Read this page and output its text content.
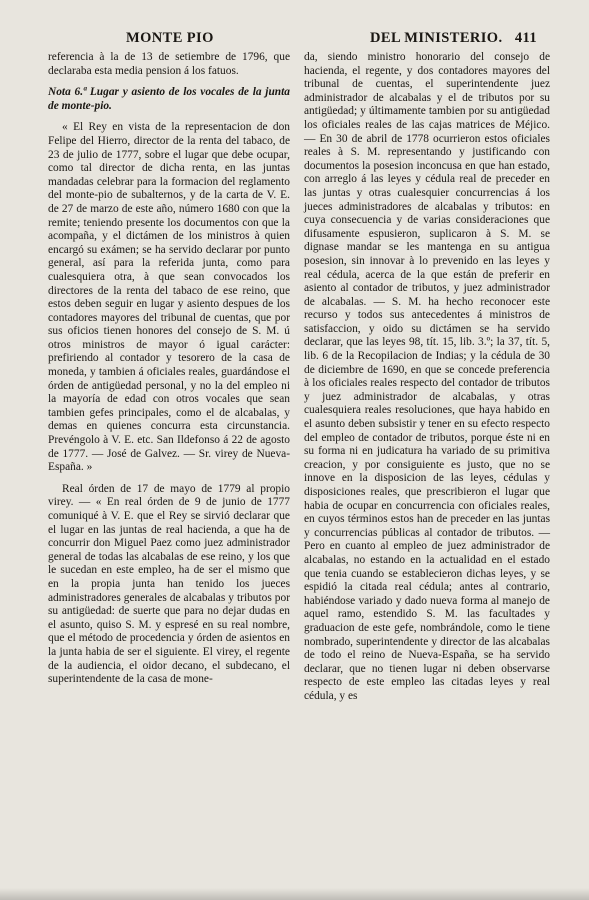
MONTE PIO	DEL MINISTERIO. 411

referencia à la de 13 de setiembre de 1796, que declaraba esta media pension á los fatuos.

Nota 6.ª Lugar y asiento de los vocales de la junta de monte-pio.

« El Rey en vista de la representacion de don Felipe del Hierro, director de la renta del tabaco, de 23 de julio de 1777, sobre el lugar que debe ocupar, como tal director de dicha renta, en las juntas mandadas celebrar para la formacion del reglamento del monte-pio de subalternos, y de la carta de V. E. de 27 de marzo de este año, número 1680 con que la remite; teniendo presente los documentos con que la acompaña, y el dictámen de los ministros à quien encargó su exámen; se ha servido declarar por punto general, así para la referida junta, como para cualesquiera otra, à que sean convocados los directores de la renta del tabaco de ese reino, que estos deben seguir en lugar y asiento despues de los contadores mayores del tribunal de cuentas, que por sus oficios tienen honores del consejo de S. M. ú otros ministros de mayor ó igual carácter: prefiriendo al contador y tesorero de la casa de moneda, y tambien á oficiales reales, guardándose el órden de antigüedad personal, y no la del empleo ni la mayoría de edad con otros vocales que sean tambien gefes principales, como el de alcabalas, y demas en quienes concurra esta circunstancia. Prevéngolo à V. E. etc. San Ildefonso á 22 de agosto de 1777. — José de Galvez. — Sr. virey de Nueva-España. »

Real órden de 17 de mayo de 1779 al propio virey. — « En real órden de 9 de junio de 1777 comuniqué à V. E. que el Rey se sirvió declarar que el lugar en las juntas de real hacienda, a que ha de concurrir don Miguel Paez como juez administrador general de todas las alcabalas de ese reino, y los que le sucedan en este empleo, ha de ser el mismo que en la propia junta han tenido los jueces administradores generales de alcabalas y tributos por su antigüedad: de suerte que para no dejar dudas en el asunto, quiso S. M. y espresé en su real nombre, que el método de procedencia y órden de asientos en la junta habia de ser el siguiente. El virey, el regente de la audiencia, el oidor decano, el subdecano, el superintendente de la casa de mone-

da, siendo ministro honorario del consejo de hacienda, el regente, y dos contadores mayores del tribunal de cuentas, el superintendente juez administrador de alcabalas y el de tributos por su antigüedad; y últimamente tambien por su antigüedad los oficiales reales de las cajas matrices de Méjico. — En 30 de abril de 1778 ocurrieron estos oficiales reales à S. M. representando y justificando con documentos la posesion inconcusa en que han estado, con arreglo á las leyes y cédula real de preceder en las juntas y otras cualesquier concurrencias á los jueces administradores de alcabalas y tributos: en cuya consecuencia y de varias consideraciones que difusamente espusieron, suplicaron à S. M. se dignase mandar se les mantenga en su antigua posesion, sin innovar à lo prevenido en las leyes y real cédula, acerca de la que están de preferir en asiento al contador de tributos, y juez administrador de alcabalas. — S. M. ha hecho reconocer este recurso y todos sus antecedentes á ministros de satisfaccion, y oido su dictámen se ha servido declarar, que las leyes 98, tít. 15, lib. 3.º; la 37, tít. 5, lib. 6 de la Recopilacion de Indias; y la cédula de 30 de diciembre de 1690, en que se concede preferencia à los oficiales reales respecto del contador de tributos y juez administrador de alcabalas, y otras cualesquiera reales resoluciones, que haya habido en el asunto deben subsistir y tener en su efecto respecto del empleo de contador de tributos, porque éste ni en su forma ni en judicatura ha variado de su primitiva creacion, y por consiguiente es justo, que no se innove en la disposicion de las leyes, cédulas y disposiciones reales, que prescribieron el lugar que habia de ocupar en concurrencia con oficiales reales, en cuyos términos estos han de preceder en las juntas y concurrencias públicas al contador de tributos. — Pero en cuanto al empleo de juez administrador de alcabalas, no estando en la actualidad en el estado que tenia cuando se establecieron dichas leyes, y se espidió la citada real cédula; antes al contrario, habiéndose variado y dado nueva forma al manejo de aquel ramo, estendido S. M. las facultades y graduacion de este gefe, nombrándole, como le tiene nombrado, superintendente y director de las alcabalas de todo el reino de Nueva-España, se ha servido declarar, que no tienen lugar ni deben observarse respecto de este empleo las citadas leyes y real cédula, y es
